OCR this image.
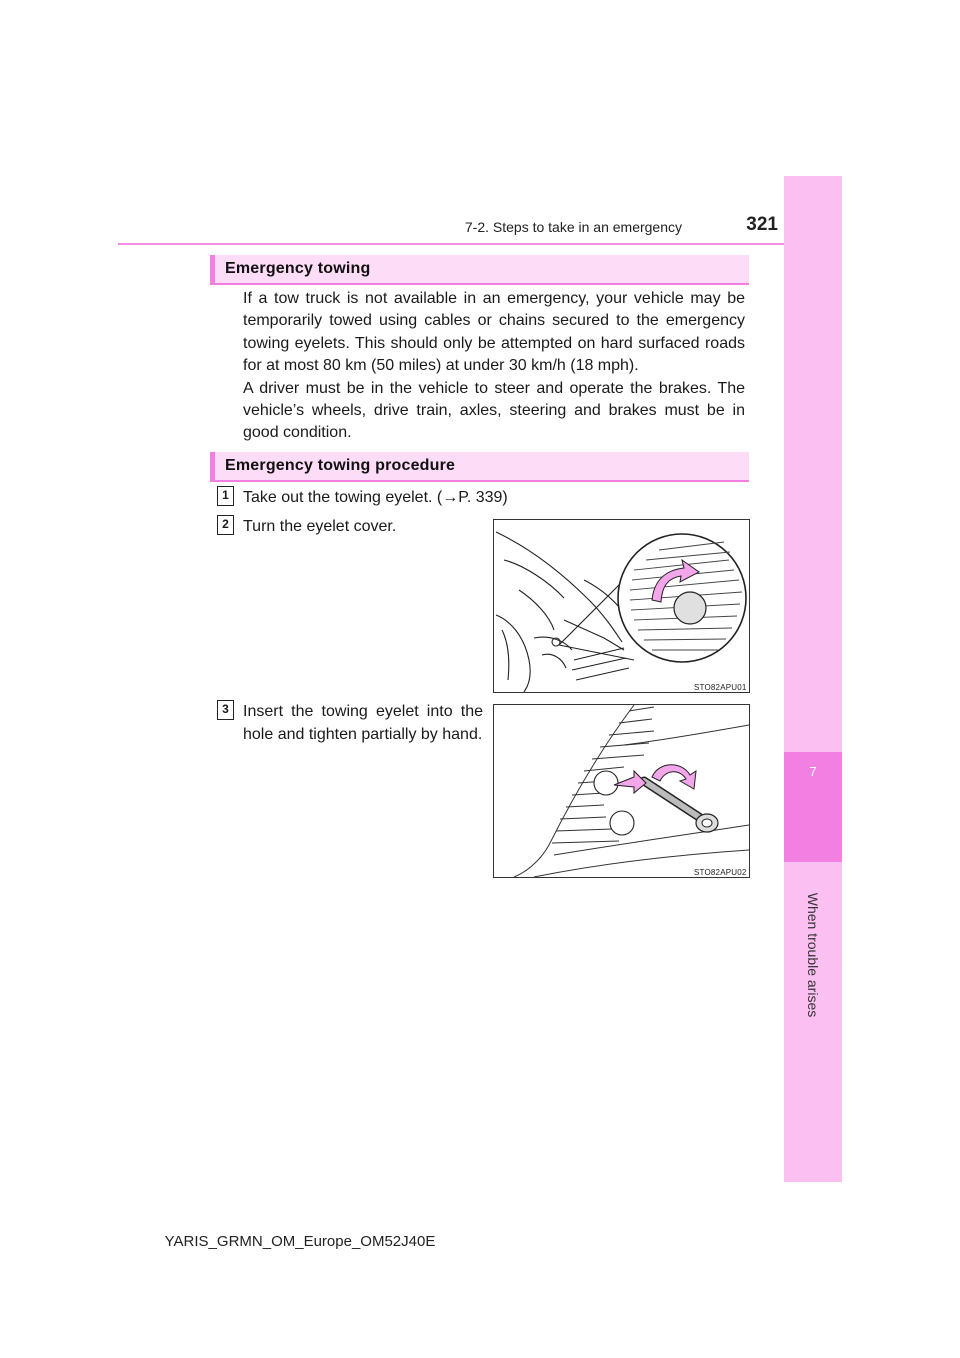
7-2. Steps to take in an emergency	321
7
When trouble arises
Emergency towing

If a tow truck is not available in an emergency, your vehicle may be temporarily towed using cables or chains secured to the emergency towing eyelets. This should only be attempted on hard surfaced roads for at most 80 km (50 miles) at under 30 km/h (18 mph).

A driver must be in the vehicle to steer and operate the brakes. The vehicle’s wheels, drive train, axles, steering and brakes must be in good condition.

Emergency towing procedure
1 Take out the towing eyelet. (→P. 339)
2 Turn the eyelet cover.
STO82APU01
3 Insert the towing eyelet into the hole and tighten partially by hand.
STO82APU02
YARIS_GRMN_OM_Europe_OM52J40E
